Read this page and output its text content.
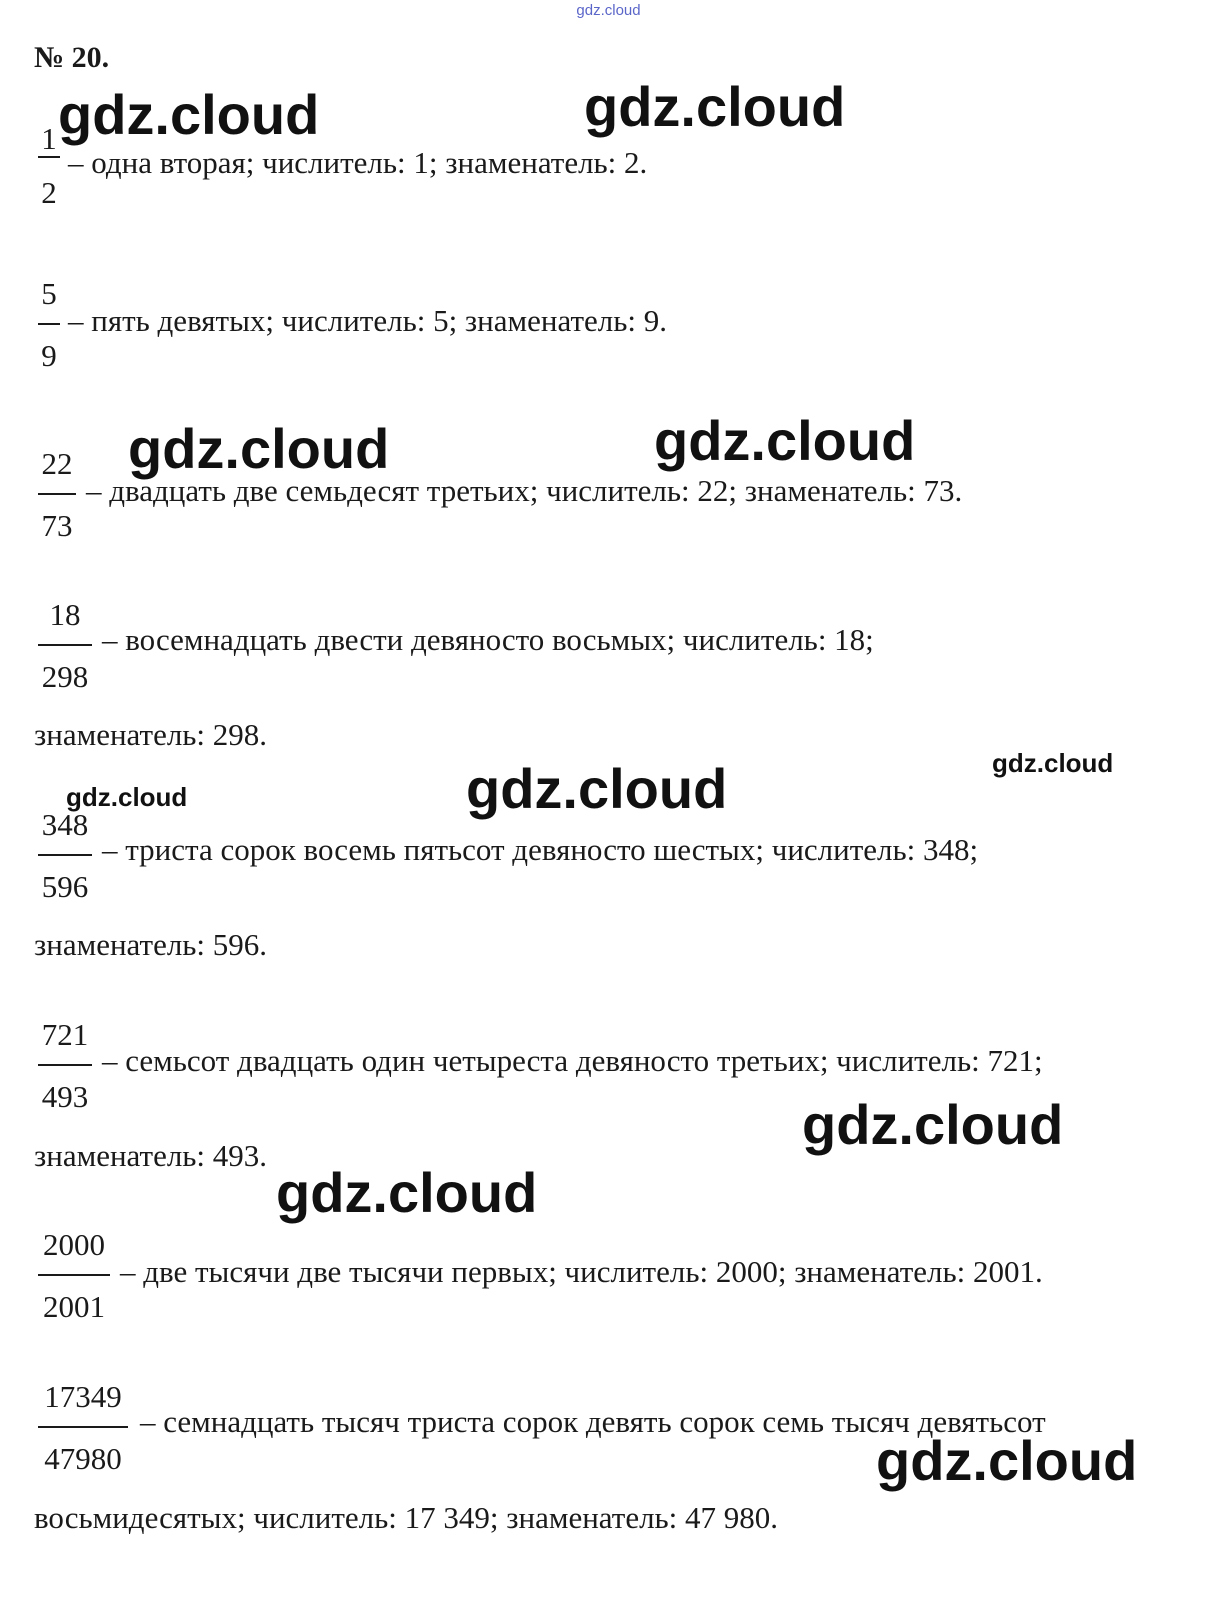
gdz.cloud
№ 20.
1
2
– одна вторая; числитель: 1; знаменатель: 2.
5
9
– пять девятых; числитель: 5; знаменатель: 9.
22
73
– двадцать две семьдесят третьих; числитель: 22; знаменатель: 73.
18
298
– восемнадцать двести девяносто восьмых; числитель: 18;
знаменатель: 298.
348
596
– триста сорок восемь пятьсот девяносто шестых; числитель: 348;
знаменатель: 596.
721
493
– семьсот двадцать один четыреста девяносто третьих; числитель: 721;
знаменатель: 493.
2000
2001
– две тысячи две тысячи первых; числитель: 2000; знаменатель: 2001.
17349
47980
– семнадцать тысяч триста сорок девять сорок семь тысяч девятьсот
восьмидесятых; числитель: 17 349; знаменатель: 47 980.
gdz.cloud	gdz.cloud
gdz.cloud	gdz.cloud
gdz.cloud
gdz.cloud	gdz.cloud
gdz.cloud
gdz.cloud
gdz.cloud
